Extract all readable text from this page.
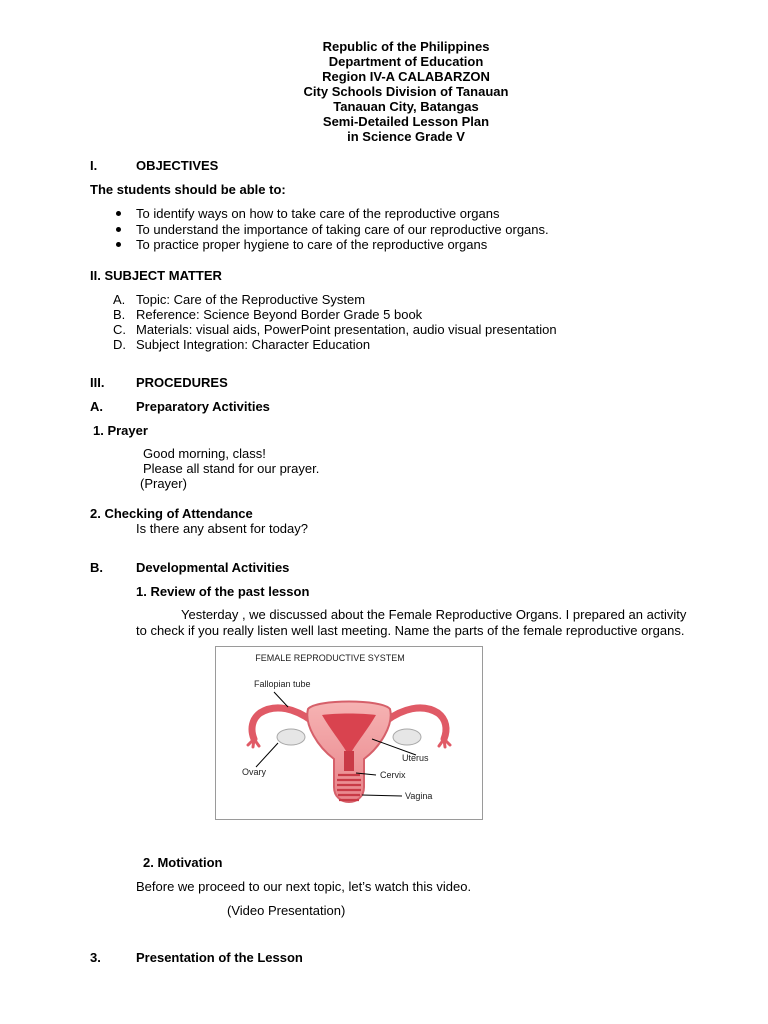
Republic of the Philippines
Department of Education
Region IV-A CALABARZON
City Schools Division of Tanauan
Tanauan City, Batangas
Semi-Detailed Lesson Plan
in Science Grade V
I.	OBJECTIVES
The students should be able to:
To identify ways on how to take care of the reproductive organs
To understand the importance of taking care of our reproductive organs.
To practice proper hygiene to care of the reproductive organs
II. SUBJECT MATTER
A. Topic: Care of the Reproductive System
B. Reference: Science Beyond Border Grade 5 book
C. Materials: visual aids, PowerPoint presentation, audio visual presentation
D. Subject Integration: Character Education
III. PROCEDURES
A.	Preparatory Activities
1. Prayer
Good morning, class!
Please all stand for our prayer.
(Prayer)
2. Checking of Attendance
Is there any absent for today?
B.	Developmental Activities
1. Review of the past lesson
Yesterday , we discussed about the Female Reproductive Organs. I prepared an activity
to check if you really listen well last meeting. Name the parts of the female reproductive organs.
FEMALE REPRODUCTIVE SYSTEM
Fallopian tube
Ovary
Uterus
Cervix
Vagina
2. Motivation
Before we proceed to our next topic, let’s watch this video.
(Video Presentation)
3.	Presentation of the Lesson
